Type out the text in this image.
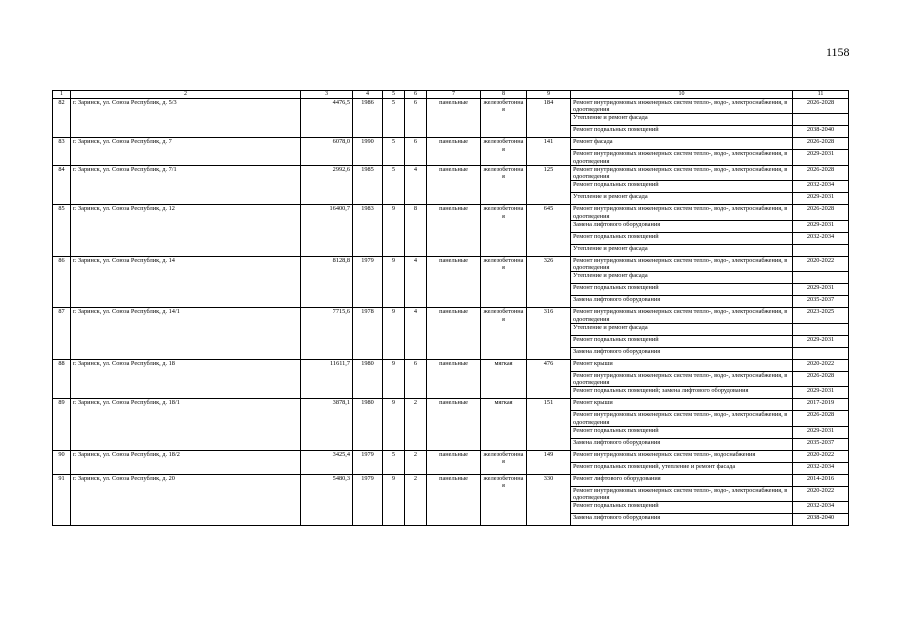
1158
1	2	3	4	5	6	7	8	9	10	11
82	г. Заринск, ул. Союза Республик, д. 5/3	4476,5	1986	5	6	панельные	железобетонная	184	Ремонт внутридомовых инженерных систем тепло-, водо-, электроснабжения, водоотведения	2026-2028
									Утепление и ремонт фасада	
									Ремонт подвальных помещений	2038-2040
83	г. Заринск, ул. Союза Республик, д. 7	6078,0	1990	5	6	панельные	железобетонная	141	Ремонт фасада	2026-2028
									Ремонт внутридомовых инженерных систем тепло-, водо-, электроснабжения, водоотведения	2029-2031
84	г. Заринск, ул. Союза Республик, д. 7/1	2992,6	1985	5	4	панельные	железобетонная	125	Ремонт внутридомовых инженерных систем тепло-, водо-, электроснабжения, водоотведения	2026-2028
									Ремонт подвальных помещений	2032-2034
									Утепление и ремонт фасада	2029-2031
85	г. Заринск, ул. Союза Республик, д. 12	16400,7	1983	9	8	панельные	железобетонная	645	Ремонт внутридомовых инженерных систем тепло-, водо-, электроснабжения, водоотведения	2026-2028
									Замена лифтового оборудования	2029-2031
									Ремонт подвальных помещений	2032-2034
									Утепление и ремонт фасада	
86	г. Заринск, ул. Союза Республик, д. 14	8128,8	1979	9	4	панельные	железобетонная	326	Ремонт внутридомовых инженерных систем тепло-, водо-, электроснабжения, водоотведения	2020-2022
									Утепление и ремонт фасада	
									Ремонт подвальных помещений	2029-2031
									Замена лифтового оборудования	2035-2037
87	г. Заринск, ул. Союза Республик, д. 14/1	7715,6	1978	9	4	панельные	железобетонная	316	Ремонт внутридомовых инженерных систем тепло-, водо-, электроснабжения, водоотведения	2023-2025
									Утепление и ремонт фасада	
									Ремонт подвальных помещений	2029-2031
									Замена лифтового оборудования	
88	г. Заринск, ул. Союза Республик, д. 18	11611,7	1980	9	6	панельные	мягкая	476	Ремонт крыши	2020-2022
									Ремонт внутридомовых инженерных систем тепло-, водо-, электроснабжения, водоотведения	2026-2028
									Ремонт подвальных помещений; замена лифтового оборудования	2029-2031
89	г. Заринск, ул. Союза Республик, д. 18/1	3878,1	1980	9	2	панельные	мягкая	151	Ремонт крыши	2017-2019
									Ремонт внутридомовых инженерных систем тепло-, водо-, электроснабжения, водоотведения	2026-2028
									Ремонт подвальных помещений	2029-2031
									Замена лифтового оборудования	2035-2037
90	г. Заринск, ул. Союза Республик, д. 18/2	3425,4	1979	5	2	панельные	железобетонная	149	Ремонт внутридомовых инженерных систем тепло-, водоснабжения	2020-2022
									Ремонт подвальных помещений, утепление и ремонт фасада	2032-2034
91	г. Заринск, ул. Союза Республик, д. 20	5480,3	1979	9	2	панельные	железобетонная	330	Ремонт лифтового оборудования	2014-2016
									Ремонт внутридомовых инженерных систем тепло-, водо-, электроснабжения, водоотведения	2020-2022
									Ремонт подвальных помещений	2032-2034
									Замена лифтового оборудования	2038-2040
